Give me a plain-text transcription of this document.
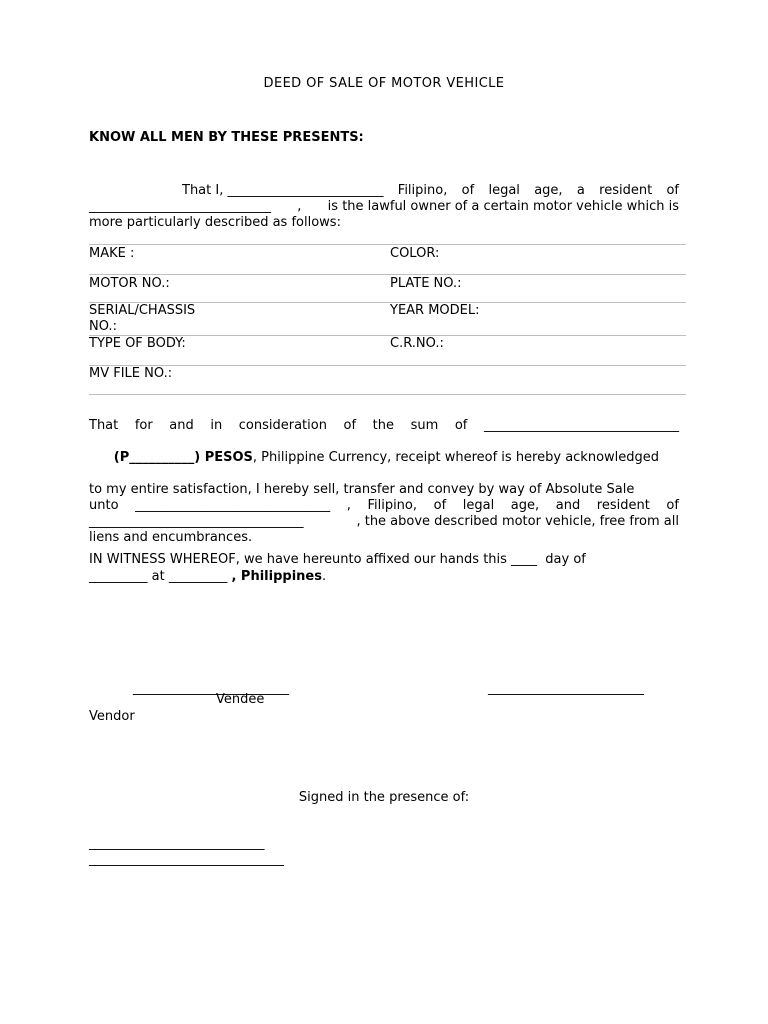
DEED OF SALE OF MOTOR VEHICLE
KNOW ALL MEN BY THESE PRESENTS:
That I, ________________________ Filipino, of legal age, a resident of
____________________________ , is the lawful owner of a certain motor vehicle which is
more particularly described as follows:
MAKE :	COLOR:
MOTOR NO.:	PLATE NO.:

SERIAL/CHASSIS
NO.:	YEAR MODEL:
TYPE OF BODY:	C.R.NO.:
MV FILE NO.:	
That for and in consideration of the sum of ______________________________

(P__________) PESOS, Philippine Currency, receipt whereof is hereby acknowledged

to my entire satisfaction, I hereby sell, transfer and convey by way of Absolute Sale
unto ______________________________ , Filipino, of legal age, and resident of
_________________________________	, the above described motor vehicle, free from all
liens and encumbrances.
IN WITNESS WHEREOF, we have hereunto affixed our hands this ____  day of
_________ at _________ , Philippines.
________________________	________________________
Vendee
Vendor
Signed in the presence of:
___________________________
______________________________
